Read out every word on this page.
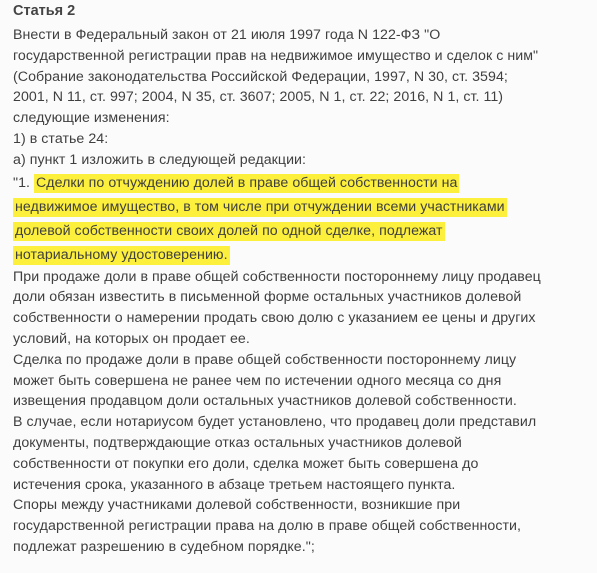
Статья 2
Внести в Федеральный закон от 21 июля 1997 года N 122-ФЗ "О
государственной регистрации прав на недвижимое имущество и сделок с ним"
(Собрание законодательства Российской Федерации, 1997, N 30, ст. 3594;
2001, N 11, ст. 997; 2004, N 35, ст. 3607; 2005, N 1, ст. 22; 2016, N 1, ст. 11)
следующие изменения:
1) в статье 24:
а) пункт 1 изложить в следующей редакции:
"1. Сделки по отчуждению долей в праве общей собственности на
недвижимое имущество, в том числе при отчуждении всеми участниками
долевой собственности своих долей по одной сделке, подлежат
нотариальному удостоверению.
При продаже доли в праве общей собственности постороннему лицу продавец
доли обязан известить в письменной форме остальных участников долевой
собственности о намерении продать свою долю с указанием ее цены и других
условий, на которых он продает ее.
Сделка по продаже доли в праве общей собственности постороннему лицу
может быть совершена не ранее чем по истечении одного месяца со дня
извещения продавцом доли остальных участников долевой собственности.
В случае, если нотариусом будет установлено, что продавец доли представил
документы, подтверждающие отказ остальных участников долевой
собственности от покупки его доли, сделка может быть совершена до
истечения срока, указанного в абзаце третьем настоящего пункта.
Споры между участниками долевой собственности, возникшие при
государственной регистрации права на долю в праве общей собственности,
подлежат разрешению в судебном порядке.";
